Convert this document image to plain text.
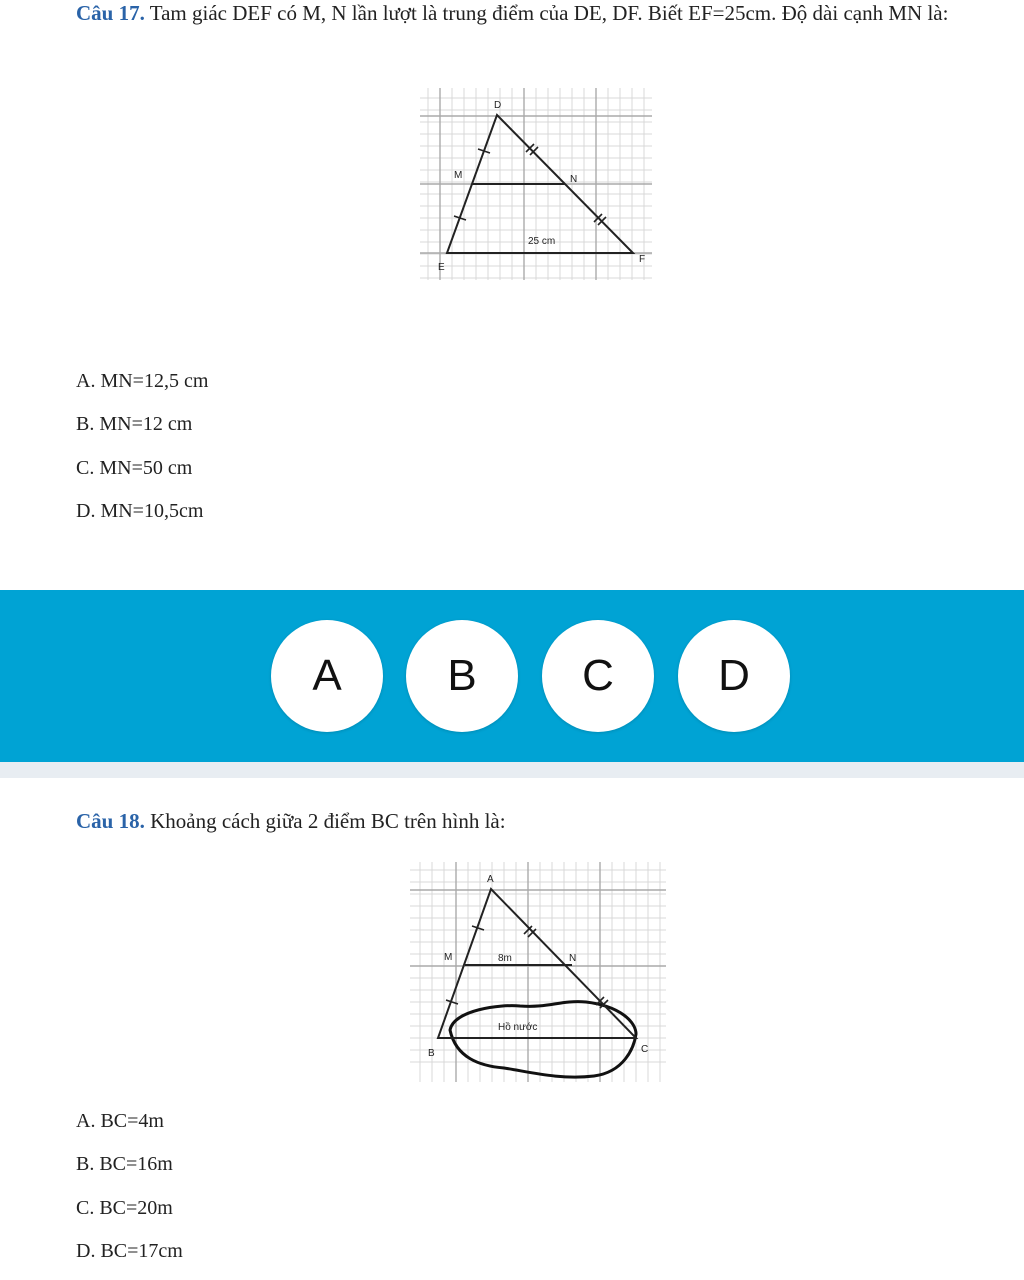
Câu 17. Tam giác DEF có M, N lần lượt là trung điểm của DE, DF. Biết EF=25cm. Độ dài cạnh MN là:
D
M	N
E
F
25 cm
A. MN=12,5 cm
B. MN=12 cm
C. MN=50 cm
D. MN=10,5cm
A	B	C	D
Câu 18. Khoảng cách giữa 2 điểm BC trên hình là:
A
M	8m	N
Hồ nước
B	C
A. BC=4m
B. BC=16m
C. BC=20m
D. BC=17cm
